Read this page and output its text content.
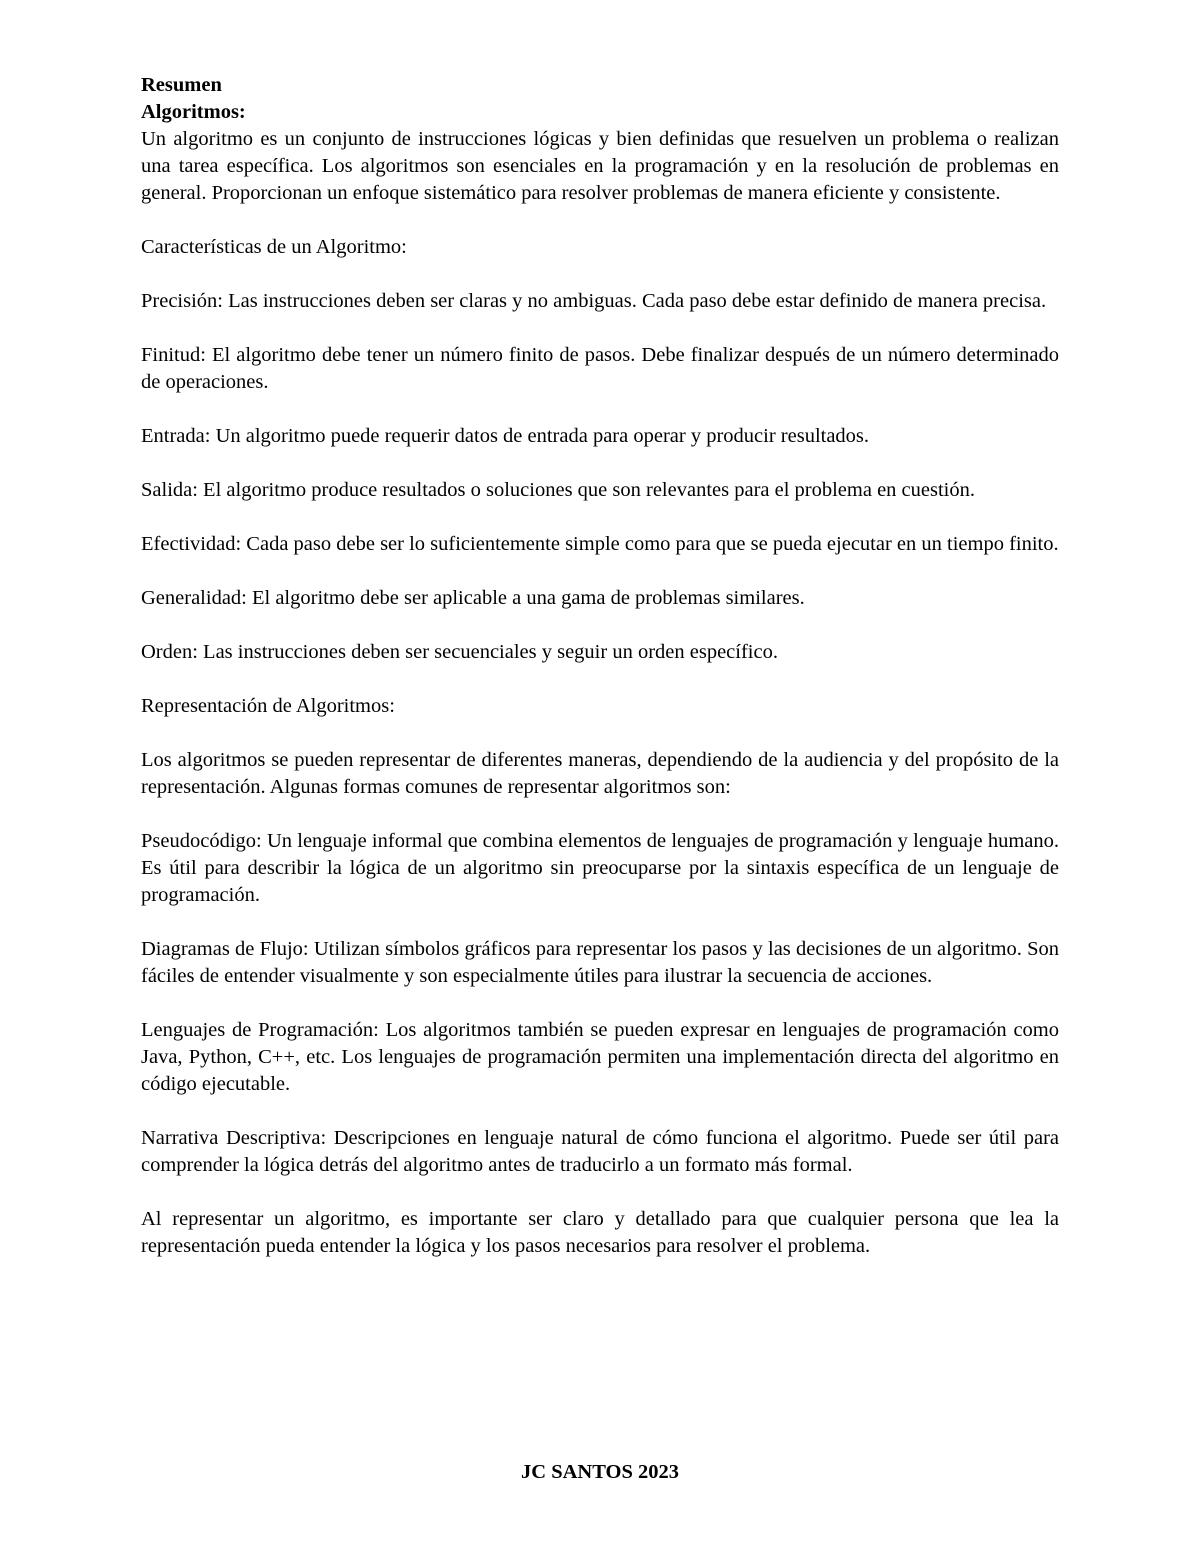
Resumen

Algoritmos:

Un algoritmo es un conjunto de instrucciones lógicas y bien definidas que resuelven un problema o realizan una tarea específica. Los algoritmos son esenciales en la programación y en la resolución de problemas en general. Proporcionan un enfoque sistemático para resolver problemas de manera eficiente y consistente.

Características de un Algoritmo:

Precisión: Las instrucciones deben ser claras y no ambiguas. Cada paso debe estar definido de manera precisa.

Finitud: El algoritmo debe tener un número finito de pasos. Debe finalizar después de un número determinado de operaciones.

Entrada: Un algoritmo puede requerir datos de entrada para operar y producir resultados.

Salida: El algoritmo produce resultados o soluciones que son relevantes para el problema en cuestión.

Efectividad: Cada paso debe ser lo suficientemente simple como para que se pueda ejecutar en un tiempo finito.

Generalidad: El algoritmo debe ser aplicable a una gama de problemas similares.

Orden: Las instrucciones deben ser secuenciales y seguir un orden específico.

Representación de Algoritmos:

Los algoritmos se pueden representar de diferentes maneras, dependiendo de la audiencia y del propósito de la representación. Algunas formas comunes de representar algoritmos son:

Pseudocódigo: Un lenguaje informal que combina elementos de lenguajes de programación y lenguaje humano. Es útil para describir la lógica de un algoritmo sin preocuparse por la sintaxis específica de un lenguaje de programación.

Diagramas de Flujo: Utilizan símbolos gráficos para representar los pasos y las decisiones de un algoritmo. Son fáciles de entender visualmente y son especialmente útiles para ilustrar la secuencia de acciones.

Lenguajes de Programación: Los algoritmos también se pueden expresar en lenguajes de programación como Java, Python, C++, etc. Los lenguajes de programación permiten una implementación directa del algoritmo en código ejecutable.

Narrativa Descriptiva: Descripciones en lenguaje natural de cómo funciona el algoritmo. Puede ser útil para comprender la lógica detrás del algoritmo antes de traducirlo a un formato más formal.

Al representar un algoritmo, es importante ser claro y detallado para que cualquier persona que lea la representación pueda entender la lógica y los pasos necesarios para resolver el problema.

JC SANTOS 2023
